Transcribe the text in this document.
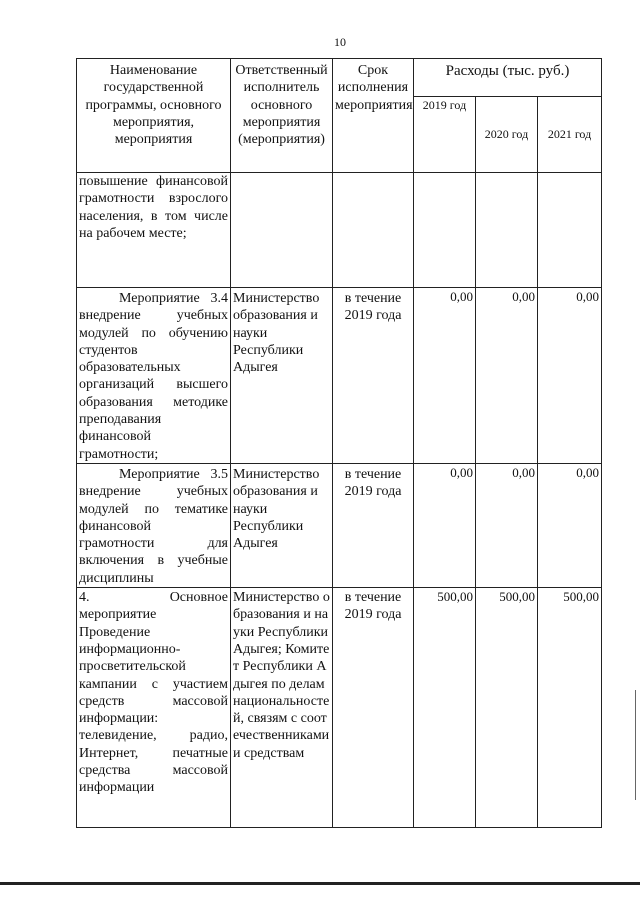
10
Наименование государственной программы, основного мероприятия, мероприятия	Ответственный исполнитель основного мероприятия (мероприятия)	Срок исполнения мероприятия	Расходы (тыс. руб.)		
			2019 год	2020 год	2021 год

повышение финансовой грамотности взрослого населения, в том числе на рабочем месте;					

Мероприятие 3.4 внедрение учебных модулей по обучению студентов образовательных организаций высшего образования методике преподавания финансовой грамотности;	Министерство образования и науки Республики Адыгея	в течение 2019 года	0,00	0,00	0,00

Мероприятие 3.5 внедрение учебных модулей по тематике финансовой грамотности для включения в учебные дисциплины	Министерство образования и науки Республики Адыгея	в течение 2019 года	0,00	0,00	0,00

4. Основное мероприятие Проведение информационно-просветительской кампании с участием средств массовой информации: телевидение, радио, Интернет, печатные средства массовой информации	Министерство образования и науки Республики Адыгея; Комитет Республики Адыгея по делам национальностей, связям с соотечественниками и средствам	в течение 2019 года	500,00	500,00	500,00
